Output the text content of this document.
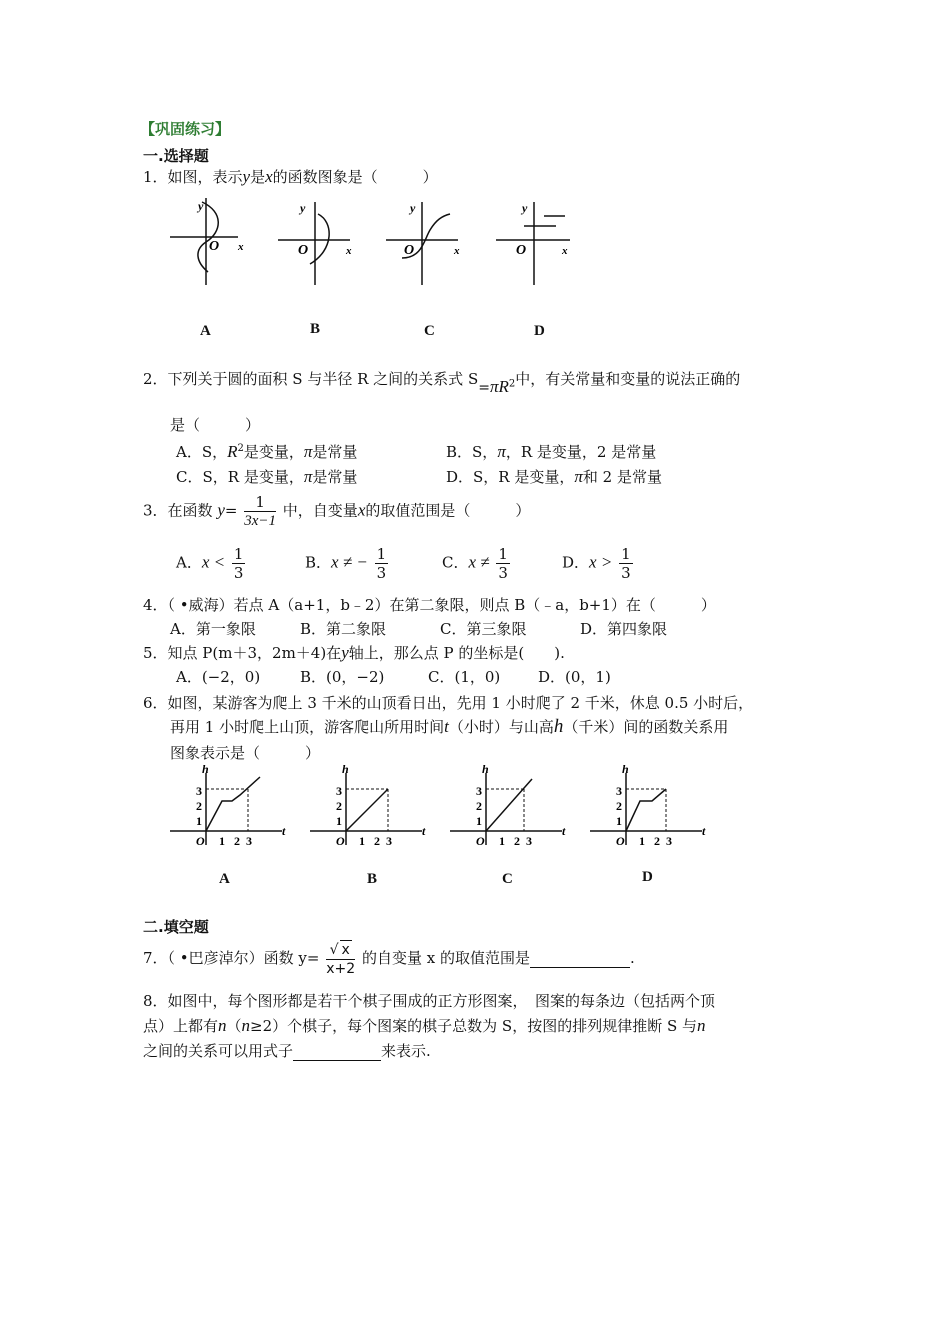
【巩固练习】
一.选择题
1．如图，表示y是x的函数图象是（　　　）
y
O x
y
O	x
y
O	x
y
O	x
A	B	C	D
2．下列关于圆的面积 S 与半径 R 之间的关系式 $S=\pi R^2$中，有关常量和变量的说法正确的
是（　　　）
A．S，$R^2$是变量，π是常量	B．S，π，R 是变量，2 是常量
C．S，R 是变量，π是常量	D．S，R 是变量，π和 2 是常量
3．在函数 $y= \frac{1}{3x-1}$ 中，自变量x的取值范围是（　　　）
A．$x < \frac{1}{3}$	B．x ≠ − $\frac{1}{3}$	C．$x \ne \frac{1}{3}$	D．$x > \frac{1}{3}$
4．（ •威海）若点 A（a+1，b﹣2）在第二象限，则点 B（﹣a，b+1）在（　　　）
A．第一象限	B．第二象限	C．第三象限	D．第四象限
5．知点 P(m＋3，2m＋4)在y轴上，那么点 P 的坐标是(　　).
A．(−2，0)	B．(0，−2)	C．(1，0)	D．(0，1)
6．如图，某游客为爬上 3 千米的山顶看日出，先用 1 小时爬了 2 千米，休息 0.5 小时后，
再用 1 小时爬上山顶，游客爬山所用时间t（小时）与山高h（千米）间的函数关系用
图象表示是（　　　）
h
3
2
1
O 1 2 3
t
h
3
2
1
O 1 2 3
t
h
3
2
1
O 1 2 3
t
h
3
2
1
O 1 2 3
t
A	B	C	D
二.填空题
7．（ •巴彦淖尔）函数 $y= \frac{√ x}{x+2}$ 的自变量 x 的取值范围是	.
8．如图中，每个图形都是若干个棋子围成的正方形图案，　图案的每条边（包括两个顶
点）上都有n（n≥2）个棋子，每个图案的棋子总数为 S，按图的排列规律推断 S 与n
之间的关系可以用式子	来表示.
